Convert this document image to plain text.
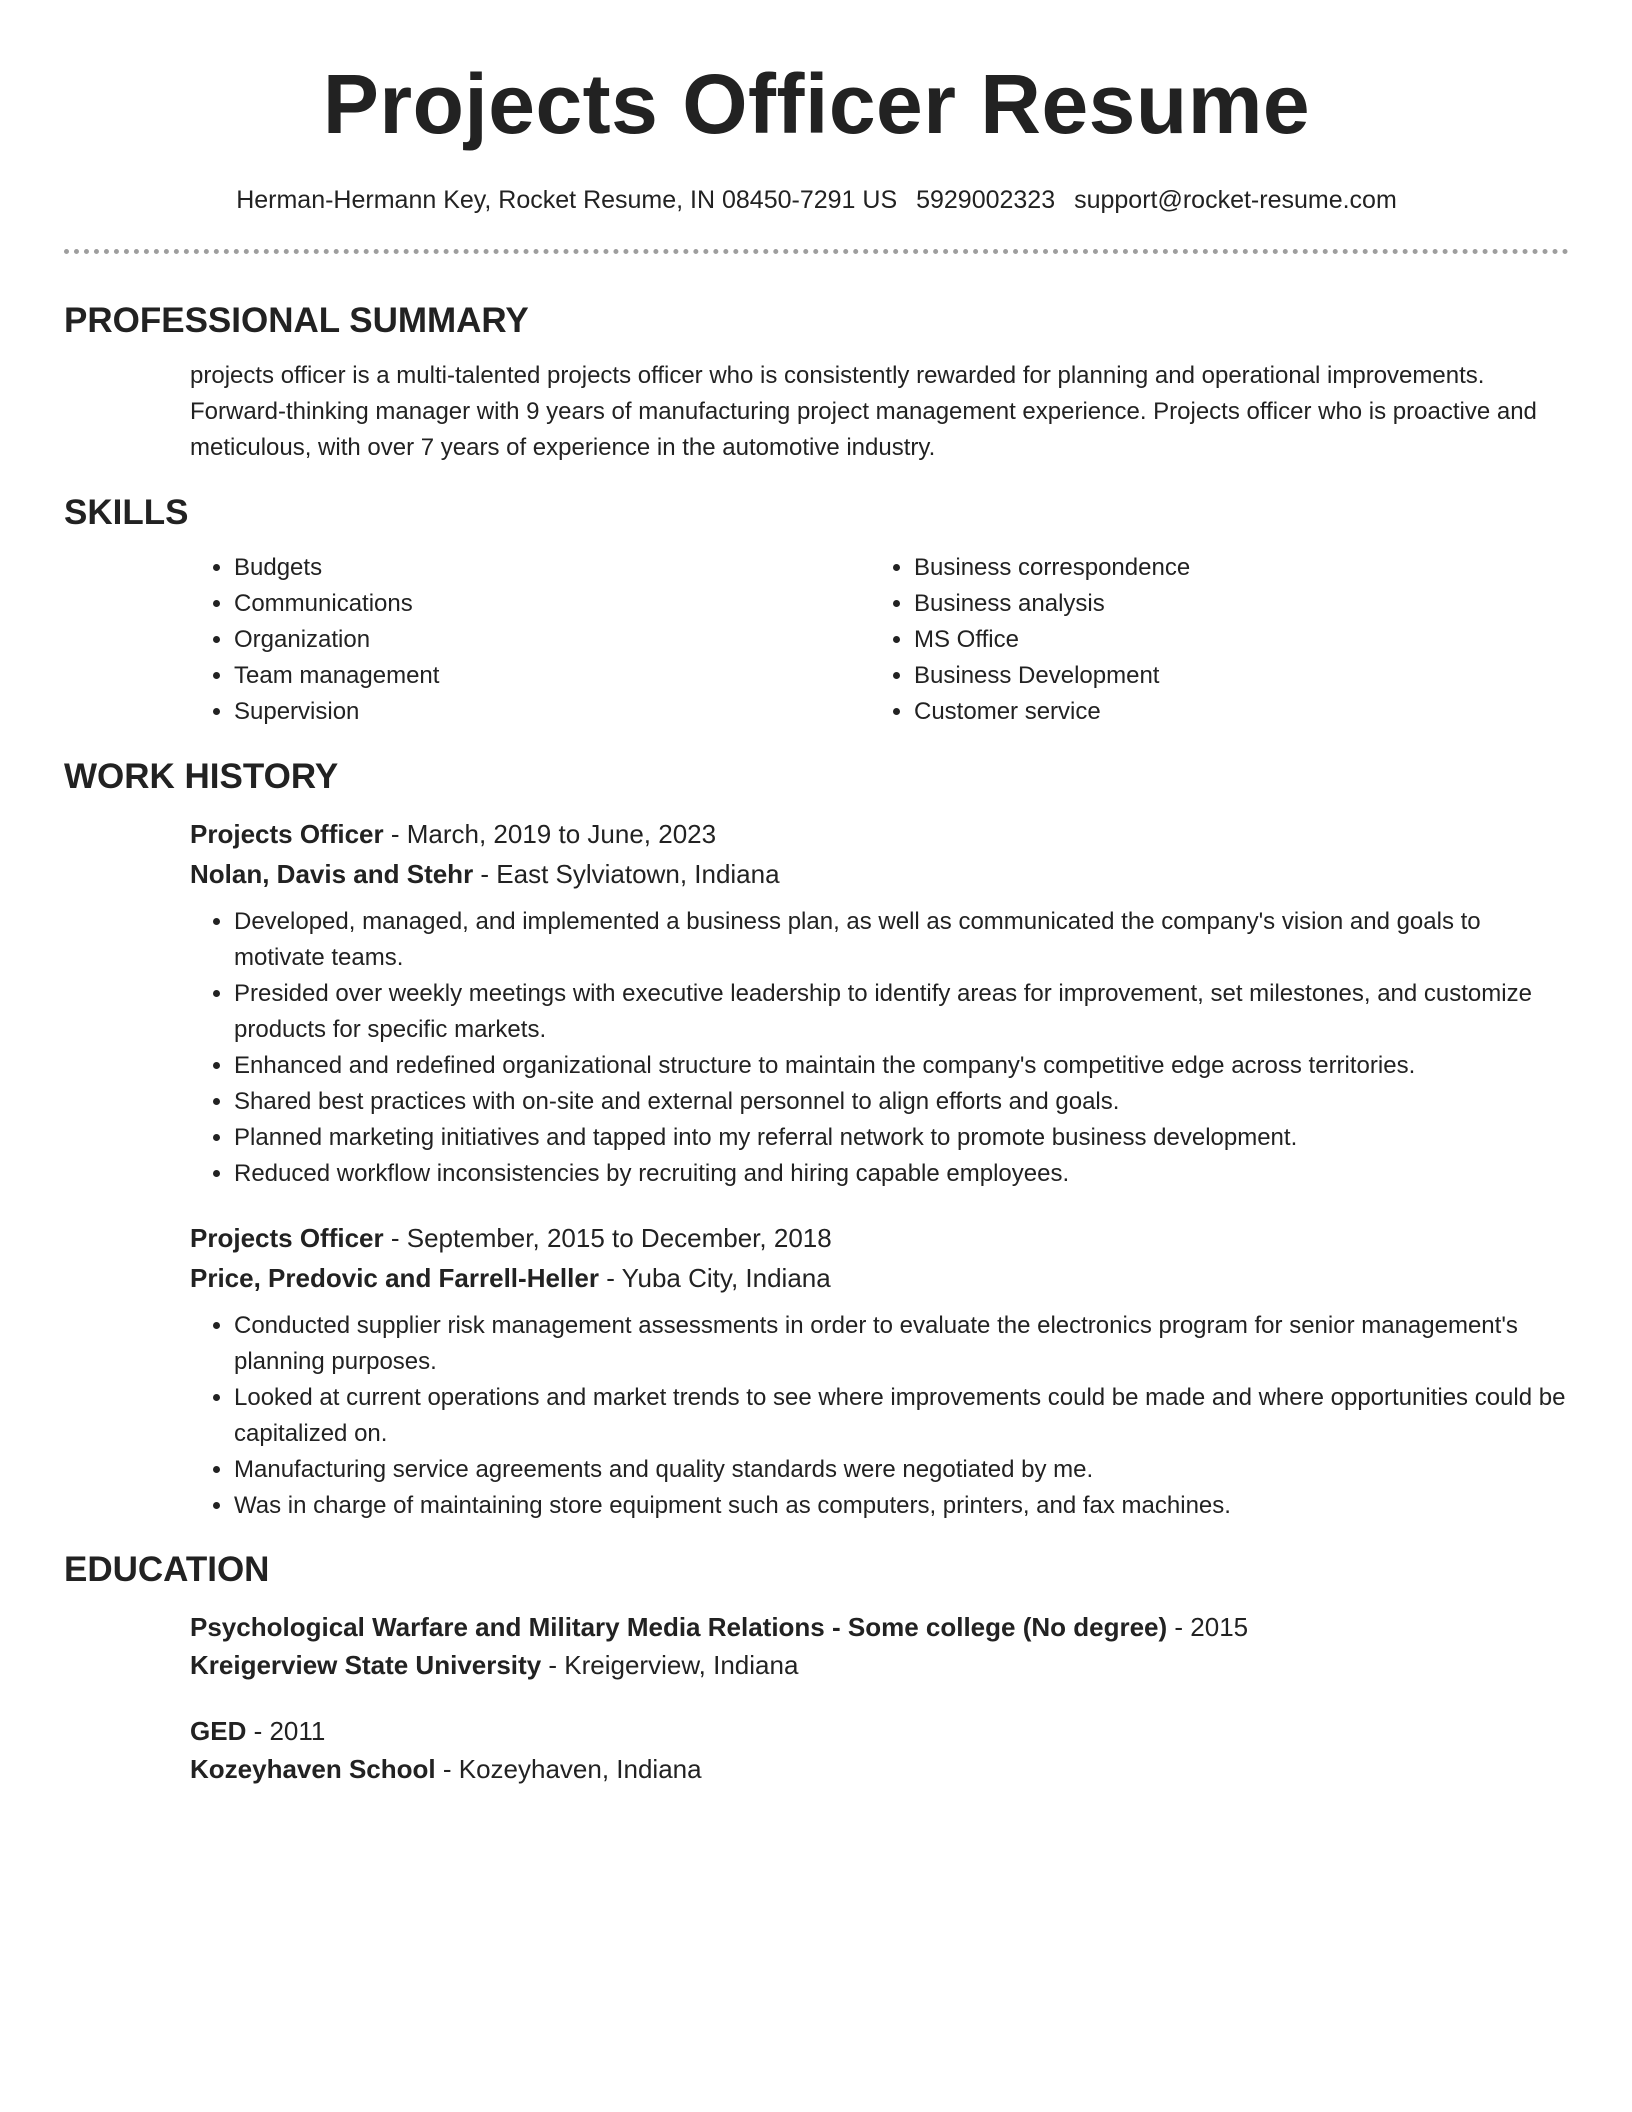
Projects Officer Resume
Herman-Hermann Key, Rocket Resume, IN 08450-7291 US 5929002323 support@rocket-resume.com
PROFESSIONAL SUMMARY
projects officer is a multi-talented projects officer who is consistently rewarded for planning and operational improvements. Forward-thinking manager with 9 years of manufacturing project management experience. Projects officer who is proactive and meticulous, with over 7 years of experience in the automotive industry.
SKILLS
• Budgets
• Communications
• Organization
• Team management
• Supervision
• Business correspondence
• Business analysis
• MS Office
• Business Development
• Customer service
WORK HISTORY
Projects Officer - March, 2019 to June, 2023
Nolan, Davis and Stehr - East Sylviatown, Indiana
• Developed, managed, and implemented a business plan, as well as communicated the company's vision and goals to motivate teams.
• Presided over weekly meetings with executive leadership to identify areas for improvement, set milestones, and customize products for specific markets.
• Enhanced and redefined organizational structure to maintain the company's competitive edge across territories.
• Shared best practices with on-site and external personnel to align efforts and goals.
• Planned marketing initiatives and tapped into my referral network to promote business development.
• Reduced workflow inconsistencies by recruiting and hiring capable employees.
Projects Officer - September, 2015 to December, 2018
Price, Predovic and Farrell-Heller - Yuba City, Indiana
• Conducted supplier risk management assessments in order to evaluate the electronics program for senior management's planning purposes.
• Looked at current operations and market trends to see where improvements could be made and where opportunities could be capitalized on.
• Manufacturing service agreements and quality standards were negotiated by me.
• Was in charge of maintaining store equipment such as computers, printers, and fax machines.
EDUCATION
Psychological Warfare and Military Media Relations - Some college (No degree) - 2015
Kreigerview State University - Kreigerview, Indiana
GED - 2011
Kozeyhaven School - Kozeyhaven, Indiana
